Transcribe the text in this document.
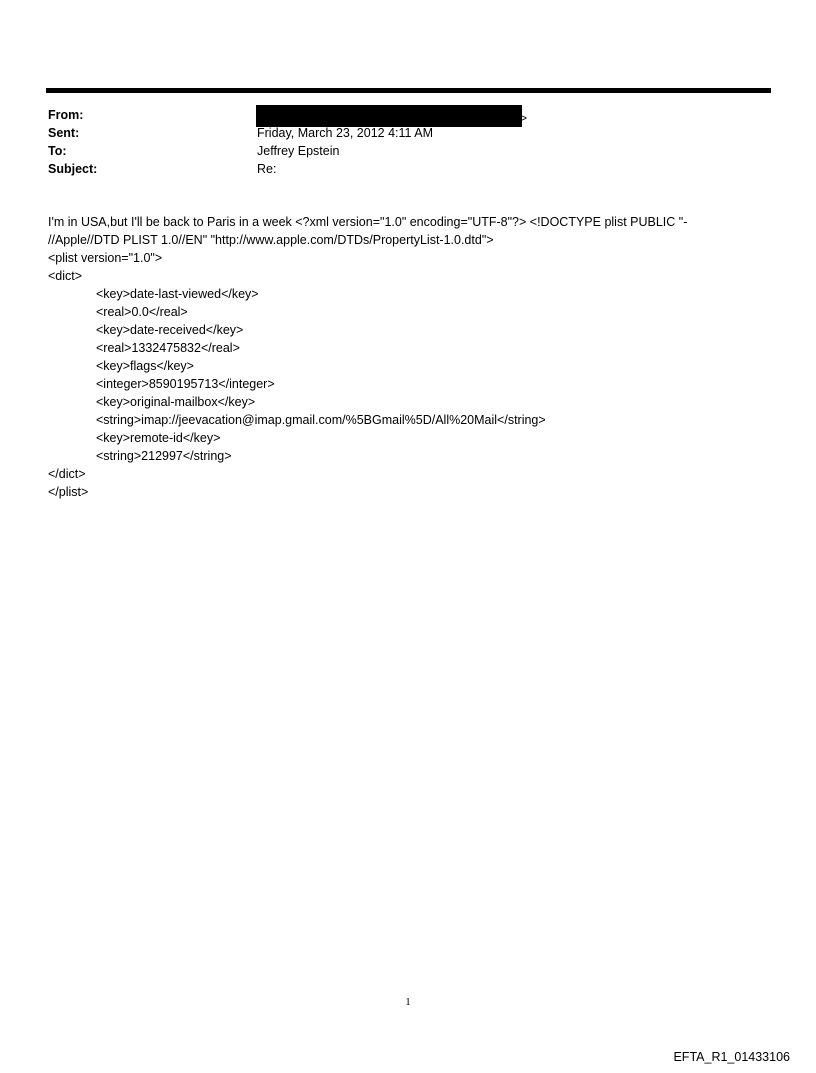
From:	>
Sent:	Friday, March 23, 2012 4:11 AM
To:	Jeffrey Epstein
Subject:	Re:
I'm in USA,but I'll be back to Paris in a week <?xml version="1.0" encoding="UTF-8"?> <!DOCTYPE plist PUBLIC "-
//Apple//DTD PLIST 1.0//EN" "http://www.apple.com/DTDs/PropertyList-1.0.dtd">
<plist version="1.0">
<dict>
<key>date-last-viewed</key>
<real>0.0</real>
<key>date-received</key>
<real>1332475832</real>
<key>flags</key>
<integer>8590195713</integer>
<key>original-mailbox</key>
<string>imap://jeevacation@imap.gmail.com/%5BGmail%5D/All%20Mail</string>
<key>remote-id</key>
<string>212997</string>
</dict>
</plist>
1
EFTA_R1_01433106
